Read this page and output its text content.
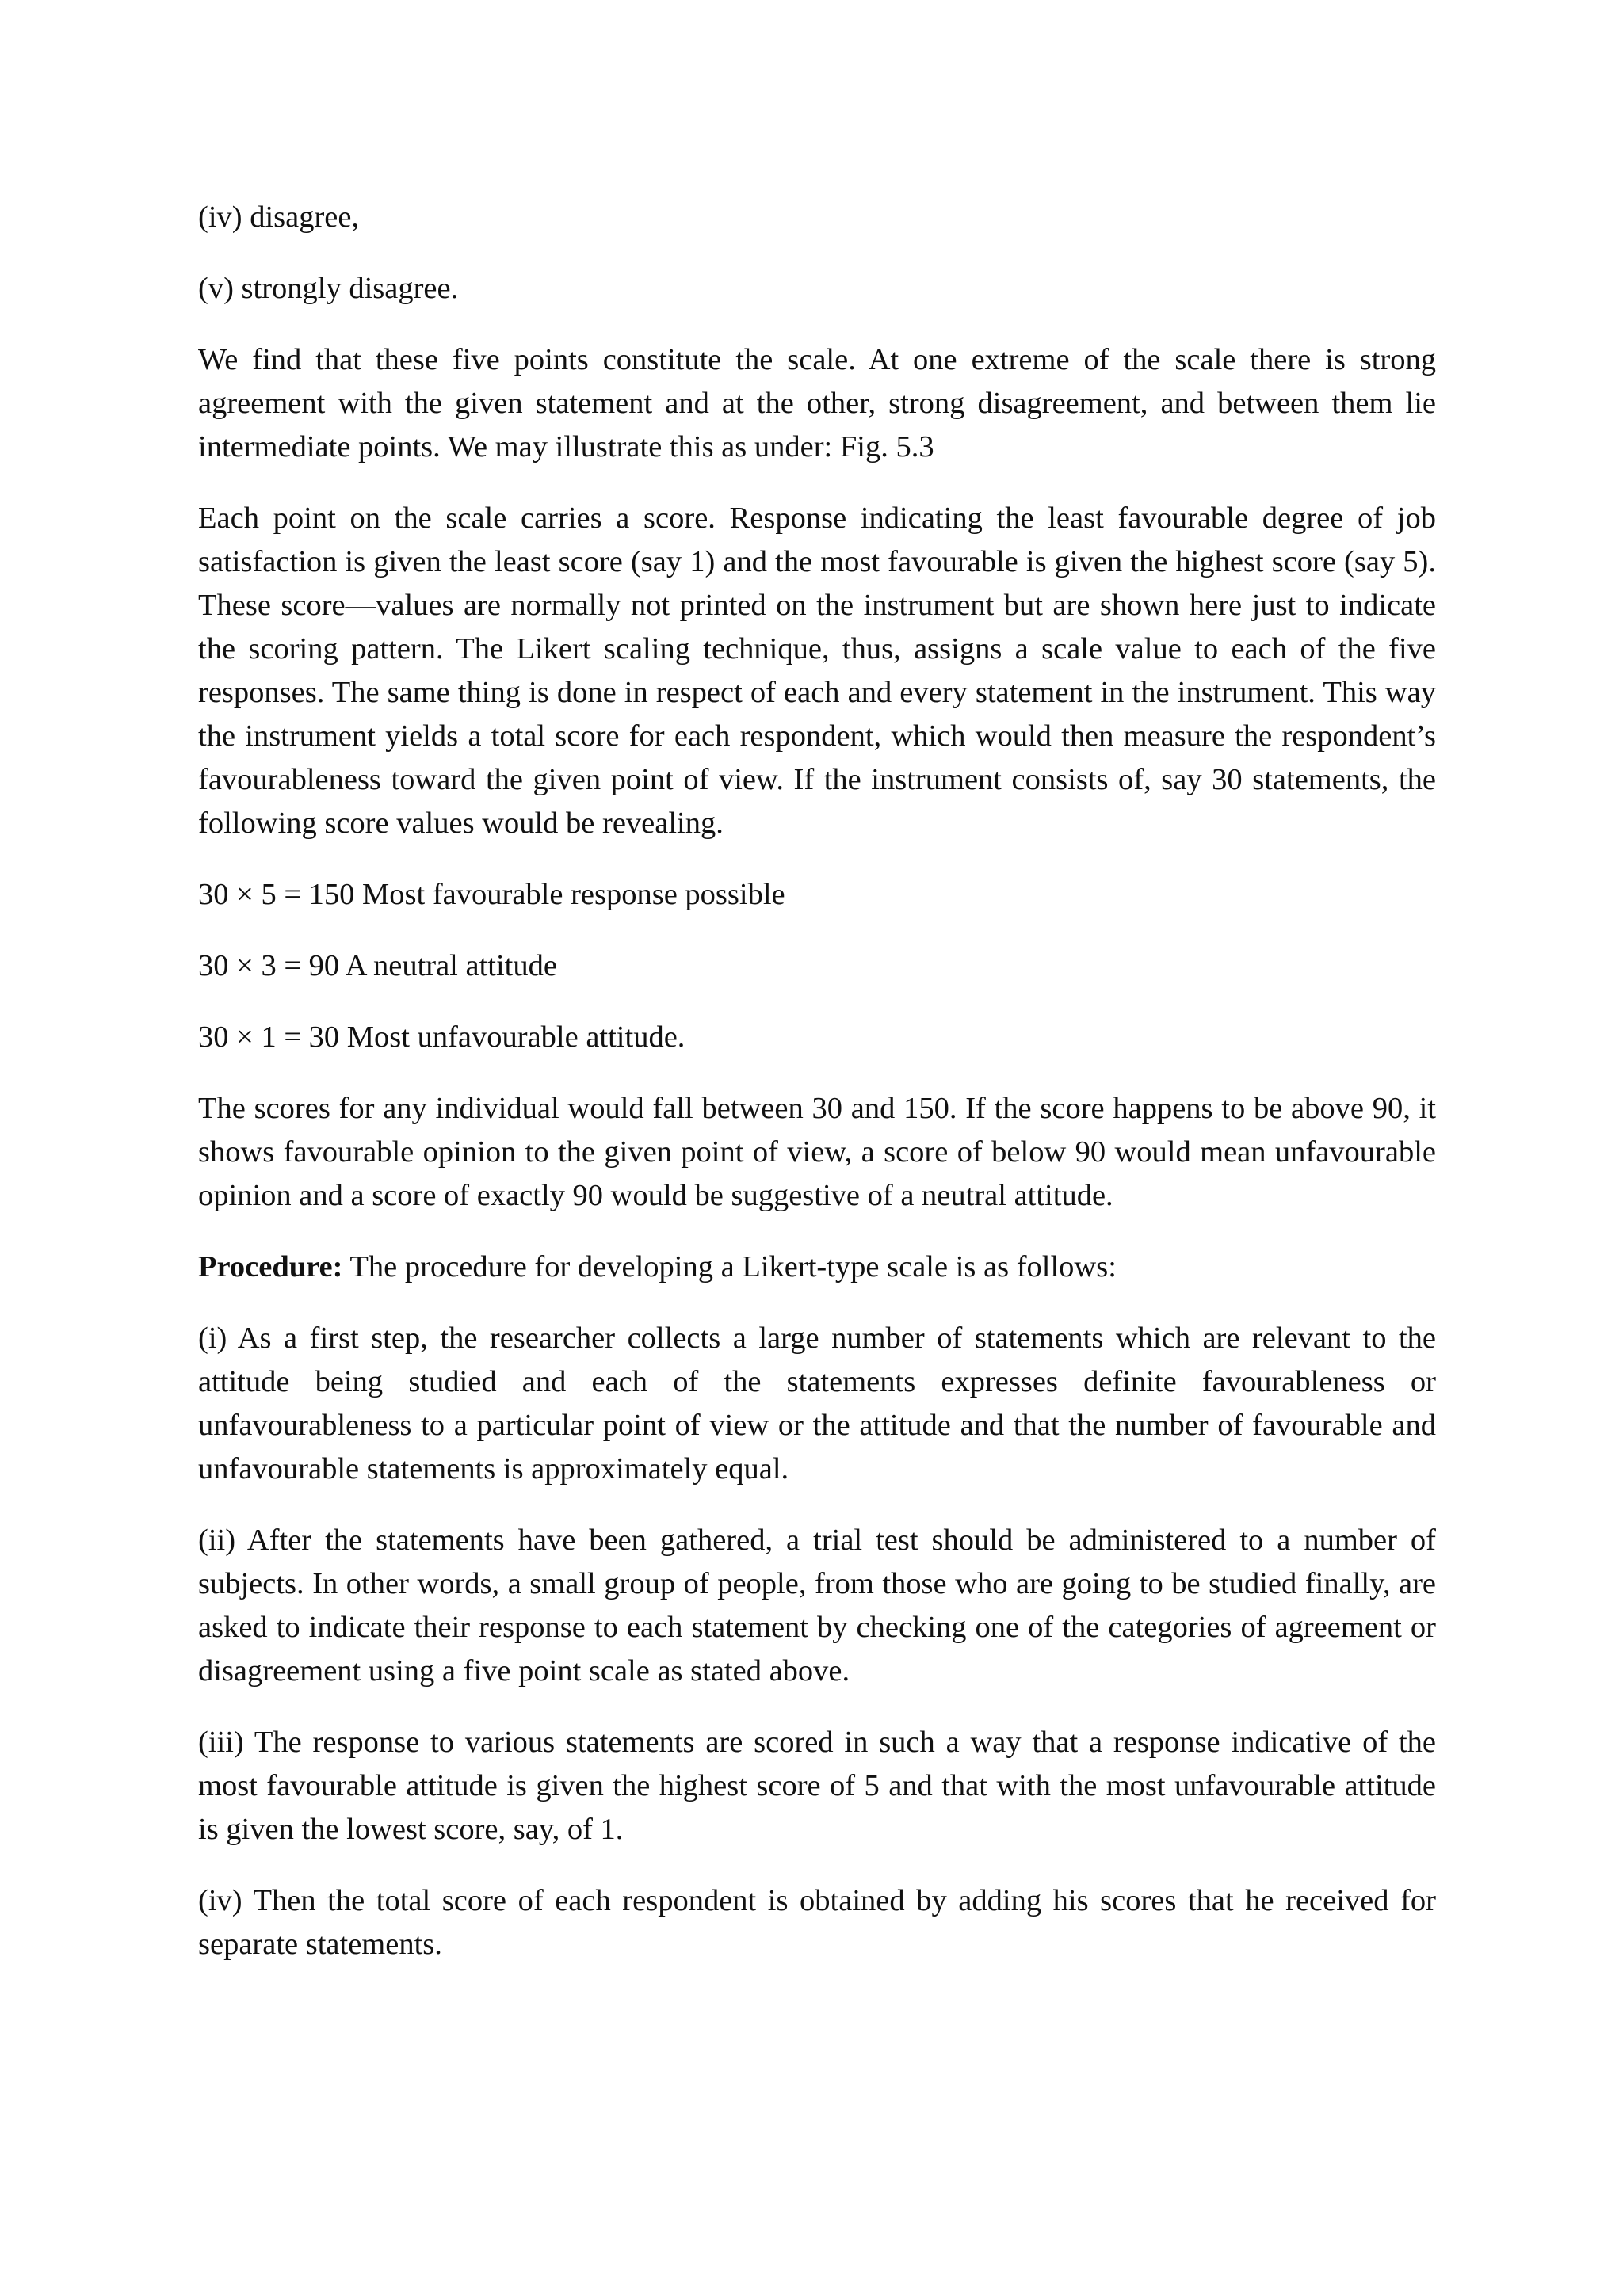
(iv) disagree,

(v) strongly disagree.

We find that these five points constitute the scale. At one extreme of the scale there is strong agreement with the given statement and at the other, strong disagreement, and between them lie intermediate points. We may illustrate this as under: Fig. 5.3

Each point on the scale carries a score. Response indicating the least favourable degree of job satisfaction is given the least score (say 1) and the most favourable is given the highest score (say 5). These score—values are normally not printed on the instrument but are shown here just to indicate the scoring pattern. The Likert scaling technique, thus, assigns a scale value to each of the five responses. The same thing is done in respect of each and every statement in the instrument. This way the instrument yields a total score for each respondent, which would then measure the respondent’s favourableness toward the given point of view. If the instrument consists of, say 30 statements, the following score values would be revealing.

30 × 5 = 150 Most favourable response possible

30 × 3 = 90 A neutral attitude

30 × 1 = 30 Most unfavourable attitude.

The scores for any individual would fall between 30 and 150. If the score happens to be above 90, it shows favourable opinion to the given point of view, a score of below 90 would mean unfavourable opinion and a score of exactly 90 would be suggestive of a neutral attitude.

Procedure: The procedure for developing a Likert-type scale is as follows:

(i) As a first step, the researcher collects a large number of statements which are relevant to the attitude being studied and each of the statements expresses definite favourableness or unfavourableness to a particular point of view or the attitude and that the number of favourable and unfavourable statements is approximately equal.

(ii) After the statements have been gathered, a trial test should be administered to a number of subjects. In other words, a small group of people, from those who are going to be studied finally, are asked to indicate their response to each statement by checking one of the categories of agreement or disagreement using a five point scale as stated above.

(iii) The response to various statements are scored in such a way that a response indicative of the most favourable attitude is given the highest score of 5 and that with the most unfavourable attitude is given the lowest score, say, of 1.

(iv) Then the total score of each respondent is obtained by adding his scores that he received for separate statements.
